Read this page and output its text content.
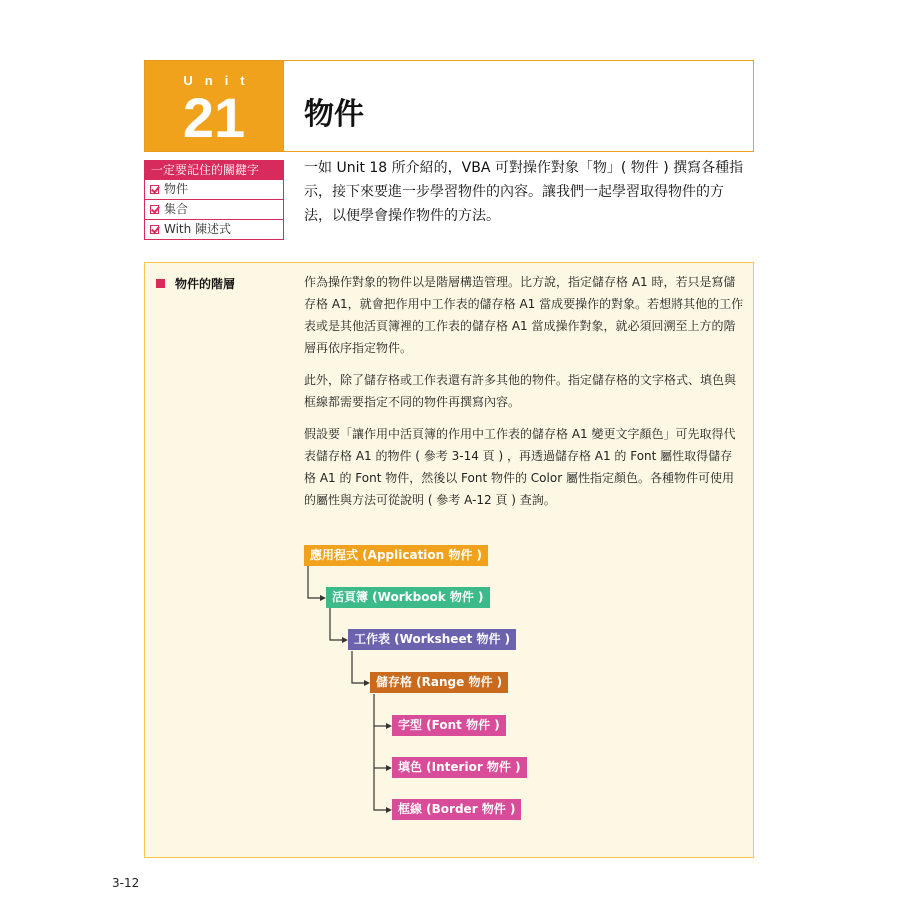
Unit
21	物件
一定要記住的關鍵字
物件
集合
With 陳述式
一如 Unit 18 所介紹的，VBA 可對操作對象「物」( 物件 ) 撰寫各種指示，接下來要進一步學習物件的內容。讓我們一起學習取得物件的方法，以便學會操作物件的方法。
物件的階層	作為操作對象的物件以是階層構造管理。比方說，指定儲存格 A1 時，若只是寫儲存格 A1，就會把作用中工作表的儲存格 A1 當成要操作的對象。若想將其他的工作表或是其他活頁簿裡的工作表的儲存格 A1 當成操作對象，就必須回溯至上方的階層再依序指定物件。
此外，除了儲存格或工作表還有許多其他的物件。指定儲存格的文字格式、填色與框線都需要指定不同的物件再撰寫內容。
假設要「讓作用中活頁簿的作用中工作表的儲存格 A1 變更文字顏色」可先取得代表儲存格 A1 的物件 ( 參考 3-14 頁 ) ，再透過儲存格 A1 的 Font 屬性取得儲存格 A1 的 Font 物件，然後以 Font 物件的 Color 屬性指定顏色。各種物件可使用的屬性與方法可從說明 ( 參考 A-12 頁 ) 查詢。
應用程式 (Application 物件 )
活頁簿 (Workbook 物件 )
工作表 (Worksheet 物件 )
儲存格 (Range 物件 )
字型 (Font 物件 )
填色 (Interior 物件 )
框線 (Border 物件 )
3-12
